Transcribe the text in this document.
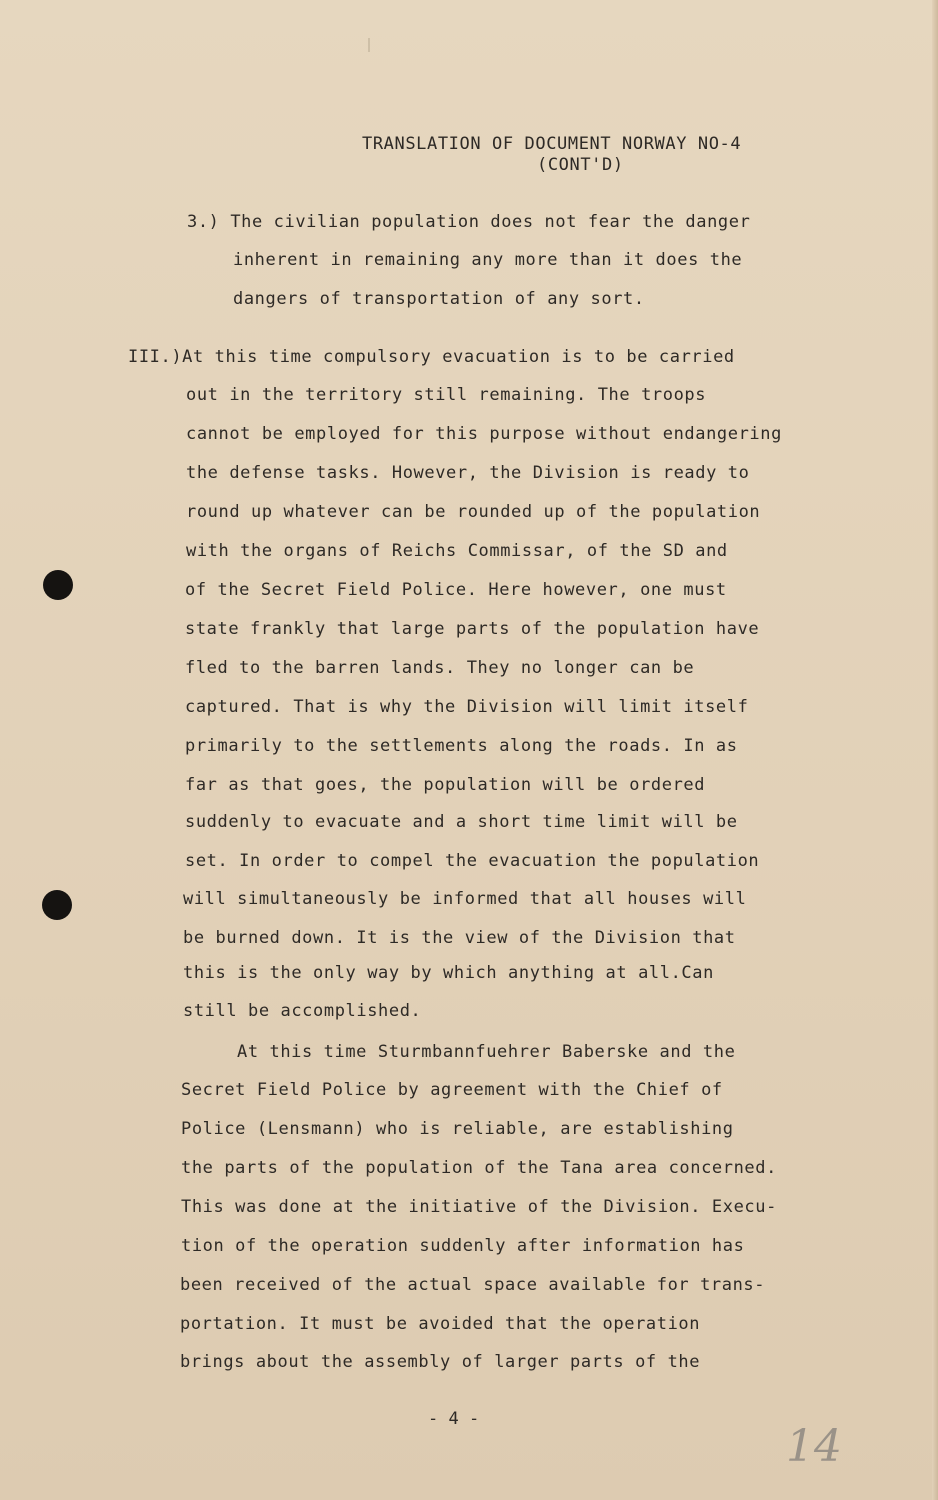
TRANSLATION OF DOCUMENT NORWAY NO-4
(CONT'D)
3.) The civilian population does not fear the danger
inherent in remaining any more than it does the
dangers of transportation of any sort.
III.)At this time compulsory evacuation is to be carried
out in the territory still remaining. The troops
cannot be employed for this purpose without endangering
the defense tasks. However, the Division is ready to
round up whatever can be rounded up of the population
with the organs of Reichs Commissar, of the SD and
of the Secret Field Police. Here however, one must
state frankly that large parts of the population have
fled to the barren lands. They no longer can be
captured. That is why the Division will limit itself
primarily to the settlements along the roads. In as
far as that goes, the population will be ordered
suddenly to evacuate and a short time limit will be
set. In order to compel the evacuation the population
will simultaneously be informed that all houses will
be burned down. It is the view of the Division that
this is the only way by which anything at all.Can
still be accomplished.
At this time Sturmbannfuehrer Baberske and the
Secret Field Police by agreement with the Chief of
Police (Lensmann) who is reliable, are establishing
the parts of the population of the Tana area concerned.
This was done at the initiative of the Division. Execu-
tion of the operation suddenly after information has
been received of the actual space available for trans-
portation. It must be avoided that the operation
brings about the assembly of larger parts of the
- 4 -
14
